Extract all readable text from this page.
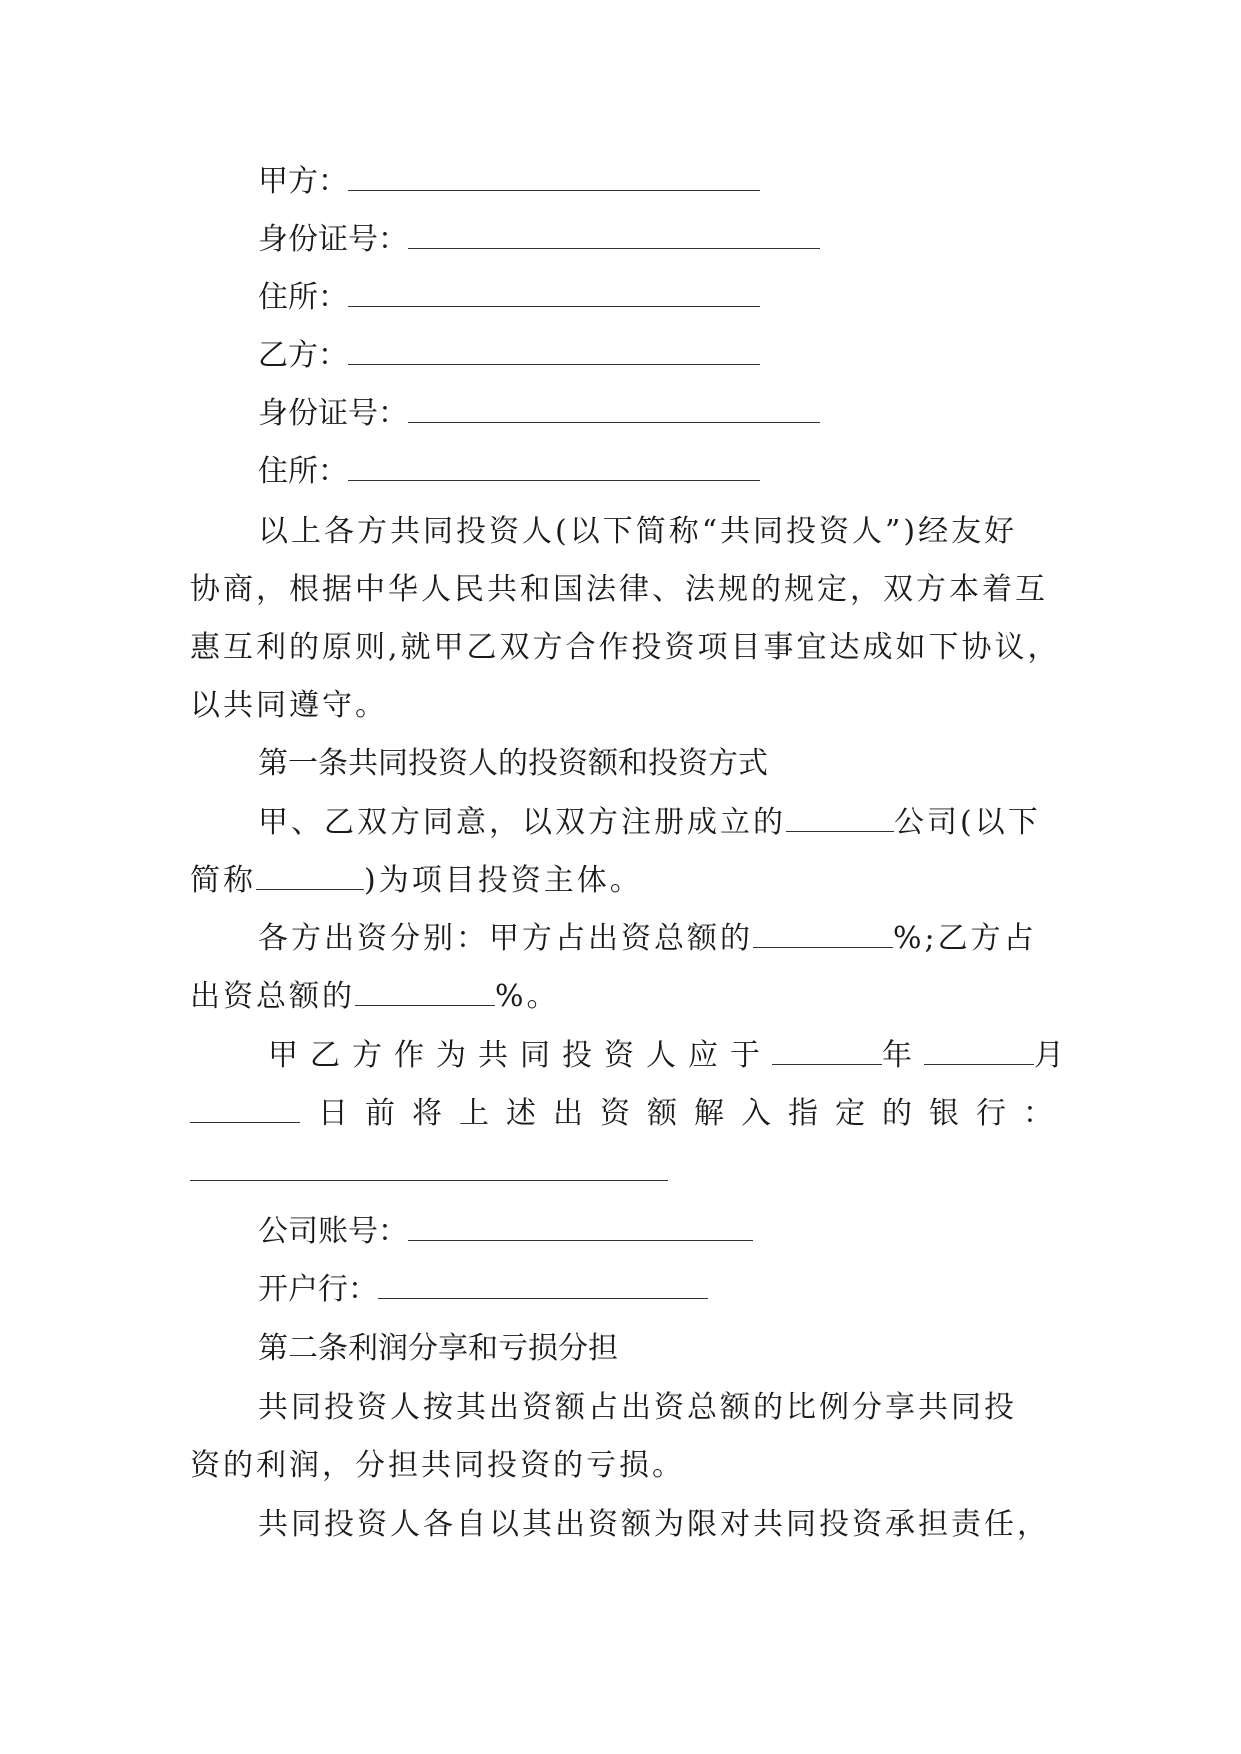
甲方：
身份证号：
住所：
乙方：
身份证号：
住所：
以上各方共同投资人(以下简称“共同投资人”)经友好
协商，根据中华人民共和国法律、法规的规定，双方本着互
惠互利的原则,就甲乙双方合作投资项目事宜达成如下协议，
以共同遵守。
第一条共同投资人的投资额和投资方式
甲、乙双方同意，以双方注册成立的	公司(以下
简称	)为项目投资主体。
各方出资分别：甲方占出资总额的	%;乙方占
出资总额的	%。
甲乙方作为共同投资人应于	年	月
日前将上述出资额解入指定的银行：
公司账号：
开户行：
第二条利润分享和亏损分担
共同投资人按其出资额占出资总额的比例分享共同投
资的利润，分担共同投资的亏损。
共同投资人各自以其出资额为限对共同投资承担责任，
